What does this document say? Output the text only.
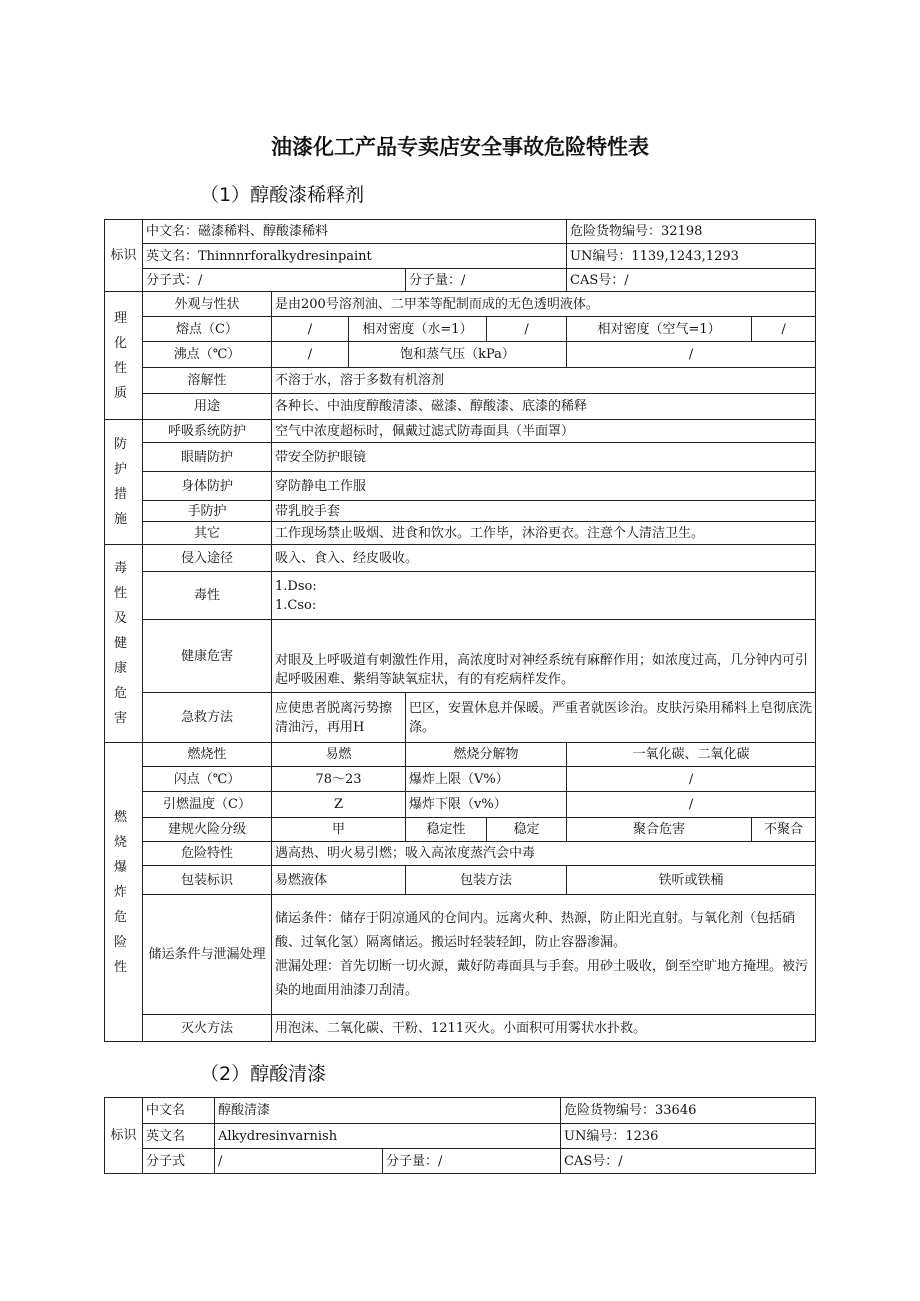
油漆化工产品专卖店安全事故危险特性表
（1）醇酸漆稀释剂
标识	中文名：磁漆稀料、醇酸漆稀料					危险货物编号：32198	
	英文名：Thinnnrforalkydresinpaint					UN编号：1139,1243,1293	
	分子式：/			分子量：/		CAS号：/	
理化性质	外观与性状	是由200号溶剂油、二甲苯等配制而成的无色透明液体。					
	熔点（C）	/	相对密度（水=1）		/	相对密度（空气=1）	/
	沸点（℃）	/	饱和蒸气压（kPa）			/	
	溶解性	不溶于水，溶于多数有机溶剂					
	用途	各种长、中油度醇酸清漆、磁漆、醇酸漆、底漆的稀释					
防护措施	呼吸系统防护	空气中浓度超标时，佩戴过滤式防毒面具（半面罩）					
	眼睛防护	带安全防护眼镜					
	身体防护	穿防静电工作服					
	手防护	带乳胶手套					
	其它	工作现场禁止吸烟、进食和饮水。工作毕，沐浴更衣。注意个人清洁卫生。					
毒性及健康危害	侵入途径	吸入、食入、经皮吸收。					
	毒性	1.Dso:
1.Cso:					

	健康危害	对眼及上呼吸道有刺激性作用，高浓度时对神经系统有麻醉作用；如浓度过高，几分钟内可引起呼吸困难、紫绢等缺氧症状，有的有疙病样发作。					
	急救方法	应使患者脱离污势擦清油污，再用H		巴区，安置休息并保暖。严重者就医诊治。皮肤污染用稀料上皂彻底洗涤。			
燃烧爆炸危险性	燃烧性	易燃		燃烧分解物		一氧化碳、二氧化碳	
	闪点（℃）	78～23		爆炸上限（V%）		/	
	引燃温度（C）	Z		爆炸下限（v%）		/	
	建规火险分级	甲		稳定性	稳定	聚合危害	不聚合
	危险特性	遇高热、明火易引燃；吸入高浓度蒸汽会中毒					
	包装标识	易燃液体		包装方法		铁听或铁桶	
	储运条件与泄漏处理	储运条件：储存于阴凉通风的仓间内。远离火种、热源，防止阳光直射。与氧化剂（包括硝酸、过氧化氢）隔离储运。搬运时轻装轻卸，防止容器渗漏。
泄漏处理：首先切断一切火源，戴好防毒面具与手套。用砂土吸收，倒至空旷地方掩埋。被污染的地面用油漆刀刮清。					

	灭火方法	用泡沫、二氧化碳、干粉、1211灭火。小面积可用雾状水扑救。					
（2）醇酸清漆
标识	中文名	醇酸清漆		危险货物编号：33646
	英文名	Alkydresinvarnish		UN编号：1236
	分子式	/	分子量：/	CAS号：/
